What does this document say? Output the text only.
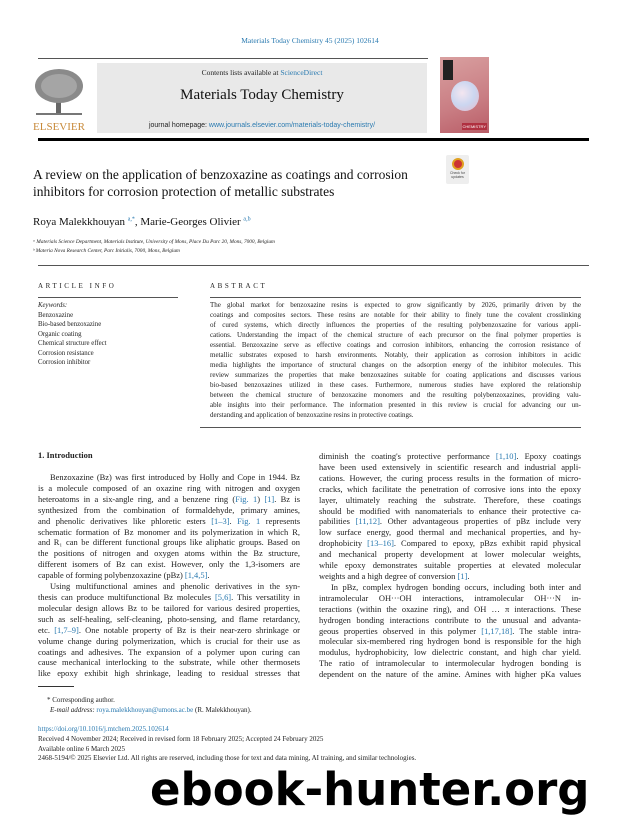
Materials Today Chemistry 45 (2025) 102614
ELSEVIER
Contents lists available at ScienceDirect
Materials Today Chemistry
journal homepage: www.journals.elsevier.com/materials-today-chemistry/	CHEMISTRY
Check for updates
A review on the application of benzoxazine as coatings and corrosion inhibitors for corrosion protection of metallic substrates
Roya Malekkhouyan $^{a,*}$, Marie-Georges Olivier $^{a,b}$
ᵃ Materials Science Department, Materials Institute, University of Mons, Place Du Parc 20, Mons, 7000, Belgium
ᵇ Materia Nova Research Center, Parc Initialis, 7000, Mons, Belgium
ARTICLE INFO
Keywords:
Benzoxazine
Bio-based benzoxazine
Organic coating
Chemical structure effect
Corrosion resistance
Corrosion inhibitor
ABSTRACT
The global market for benzoxazine resins is expected to grow significantly by 2026, primarily driven by the
coatings and composites sectors. These resins are notable for their ability to finely tune the covalent crosslinking
of cured systems, which directly influences the properties of the resulting polybenzoxazine for various appli-
cations. Understanding the impact of the chemical structure of each precursor on the final polymer properties is
essential. Benzoxazine serve as effective coatings and corrosion inhibitors, enhancing the corrosion resistance of
metallic substrates exposed to harsh environments. Notably, their application as corrosion inhibitors in acidic
media highlights the importance of structural changes on the adsorption energy of the inhibitor molecules. This
review summarizes the properties that make benzoxazines suitable for coating applications and discusses various
bio-based benzoxazines utilized in these cases. Furthermore, numerous studies have explored the relationship
between the chemical structure of benzoxazine monomers and the resulting polybenzoxazines, providing valu-
able insights into their performance. The information presented in this review is crucial for advancing our un-
derstanding and application of benzoxazine resins in protective coatings.
1. Introduction
Benzoxazine (Bz) was first introduced by Holly and Cope in 1944. Bz
is a molecule composed of an oxazine ring with nitrogen and oxygen
heteroatoms in a six-angle ring, and a benzene ring (Fig. 1) [1]. Bz is
synthesized from the combination of formaldehyde, primary amines,
and phenolic derivatives like phloretic esters [1–3]. Fig. 1 represents
schematic formation of Bz monomer and its polymerization in which R,
and R₁ can be different functional groups like aliphatic groups. Based on
the positions of nitrogen and oxygen atoms within the Bz structure,
different isomers of Bz can exist. However, only the 1,3-isomers are
capable of forming polybenzoxazine (pBz) [1,4,5].
Using multifunctional amines and phenolic derivatives in the syn-
thesis can produce multifunctional Bz molecules [5,6]. This versatility in
molecular design allows Bz to be tailored for various desired properties,
such as self-healing, self-cleaning, photo-sensing, and flame retardancy,
etc. [1,7–9]. One notable property of Bz is their near-zero shrinkage or
volume change during polymerization, which is crucial for their use as
coatings and adhesives. The expansion of a polymer upon curing can
cause mechanical interlocking to the substrate, while other thermosets
like epoxy exhibit high shrinkage, leading to residual stresses that
diminish the coating's protective performance [1,10]. Epoxy coatings
have been used extensively in scientific research and industrial appli-
cations. However, the curing process results in the formation of micro-
cracks, which facilitate the penetration of corrosive ions into the epoxy
layer, ultimately reaching the substrate. Therefore, these coatings
should be modified with nanomaterials to enhance their protective ca-
pabilities [11,12]. Other advantageous properties of pBz include very
low surface energy, good thermal and mechanical properties, and hy-
drophobicity [13–16]. Compared to epoxy, pBzs exhibit rapid physical
and mechanical property development at lower molecular weights,
while epoxy demonstrates suitable properties at elevated molecular
weights and a high degree of conversion [1].
In pBz, complex hydrogen bonding occurs, including both inter and
intramolecular OH···OH interactions, intramolecular OH···N in-
teractions (within the oxazine ring), and OH … π interactions. These
hydrogen bonding interactions contribute to the unusual and advanta-
geous properties observed in this polymer [1,17,18]. The stable intra-
molecular six-membered ring hydrogen bond is responsible for the high
modulus, hydrophobicity, low dielectric constant, and high char yield.
The ratio of intramolecular to intermolecular hydrogen bonding is
dependent on the nature of the amine. Amines with higher pKa values
* Corresponding author.
E-mail address: roya.malekkhouyan@umons.ac.be (R. Malekkhouyan).
https://doi.org/10.1016/j.mtchem.2025.102614
Received 4 November 2024; Received in revised form 18 February 2025; Accepted 24 February 2025
Available online 6 March 2025
2468-5194/© 2025 Elsevier Ltd. All rights are reserved, including those for text and data mining, AI training, and similar technologies.
ebook-hunter.org
